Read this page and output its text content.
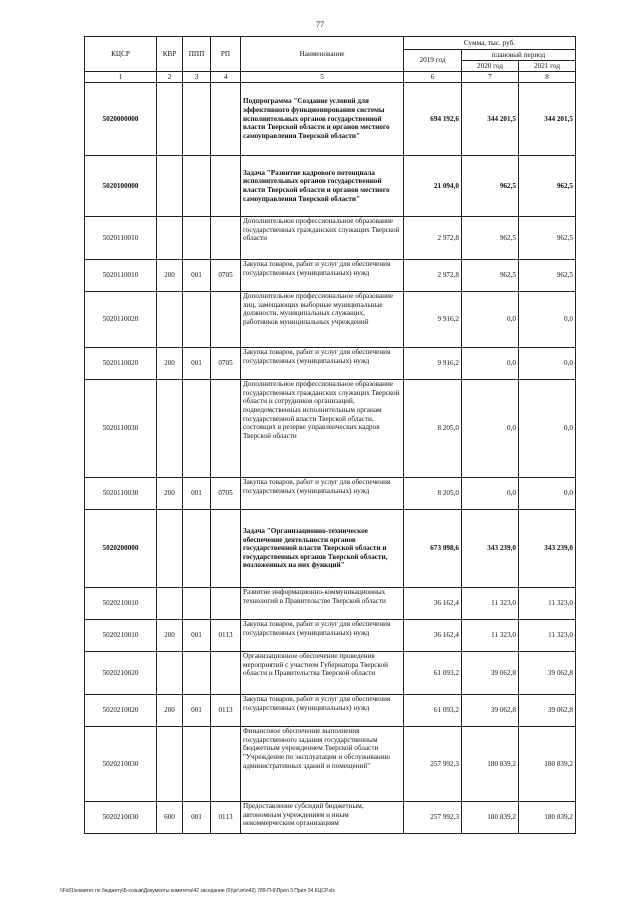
77
КЦСР	КВР	ППП	РП	Наименование	Сумма, тыс. руб.		
					2019 год	плановый период	
						2020 год	2021 год
1	2	3	4	5	6	7	8
5020000000				Подпрограмма "Создание условий для эффективного функционирования системы исполнительных органов государственной власти Тверской области и органов местного самоуправления Тверской области"	694 192,6	344 201,5	344 201,5
5020100000				Задача "Развитие кадрового потенциала исполнительных органов государственной власти Тверской области и органов местного самоуправления Тверской области"	21 094,0	962,5	962,5
5020110010				Дополнительное профессиональное образование государственных гражданских служащих Тверской области	2 972,8	962,5	962,5
5020110010	200	001	0705	Закупка товаров, работ и услуг для обеспечения государственных (муниципальных) нужд	2 972,8	962,5	962,5
5020110020				Дополнительное профессиональное образование лиц, замещающих выборные муниципальные должности, муниципальных служащих, работников муниципальных учреждений	9 916,2	0,0	0,0
5020110020	200	001	0705	Закупка товаров, работ и услуг для обеспечения государственных (муниципальных) нужд	9 916,2	0,0	0,0
5020110030				Дополнительное профессиональное образование государственных гражданских служащих Тверской области и сотрудников организаций, подведомственных исполнительным органам государственной власти Тверской области, состоящих в резерве управленческих кадров Тверской области	8 205,0	0,0	0,0
5020110030	200	001	0705	Закупка товаров, работ и услуг для обеспечения государственных (муниципальных) нужд	8 205,0	0,0	0,0
5020200000				Задача "Организационно-техническое обеспечение деятельности органов государственной власти Тверской области и государственных органов Тверской области, возложенных на них функций"	673 098,6	343 239,0	343 239,0
5020210010				Развитие информационно-коммуникационных технологий в Правительстве Тверской области	36 162,4	11 323,0	11 323,0
5020210010	200	001	0113	Закупка товаров, работ и услуг для обеспечения государственных (муниципальных) нужд	36 162,4	11 323,0	11 323,0
5020210020				Организационное обеспечение проведения мероприятий с участием Губернатора Тверской области и Правительства Тверской области	61 093,2	39 062,8	39 062,8
5020210020	200	001	0113	Закупка товаров, работ и услуг для обеспечения государственных (муниципальных) нужд	61 093,2	39 062,8	39 062,8
5020210030				Финансовое обеспечение выполнения государственного задания государственным бюджетным учреждением Тверской области "Учреждение по эксплуатации и обслуживанию административных зданий и помещений"	257 992,3	180 839,2	180 839,2
5020210030	600	001	0113	Предоставление субсидий бюджетным, автономным учреждениям и иным некоммерческим организациям	257 992,3	180 839,2	180 839,2
\\Fs01\комитет по бюджету\Б-созыв\Документы комитета\42 заседание (0)\рг\зп\п42) 789-П-6\Прил 3 Прил 34 КЦСР.xls
